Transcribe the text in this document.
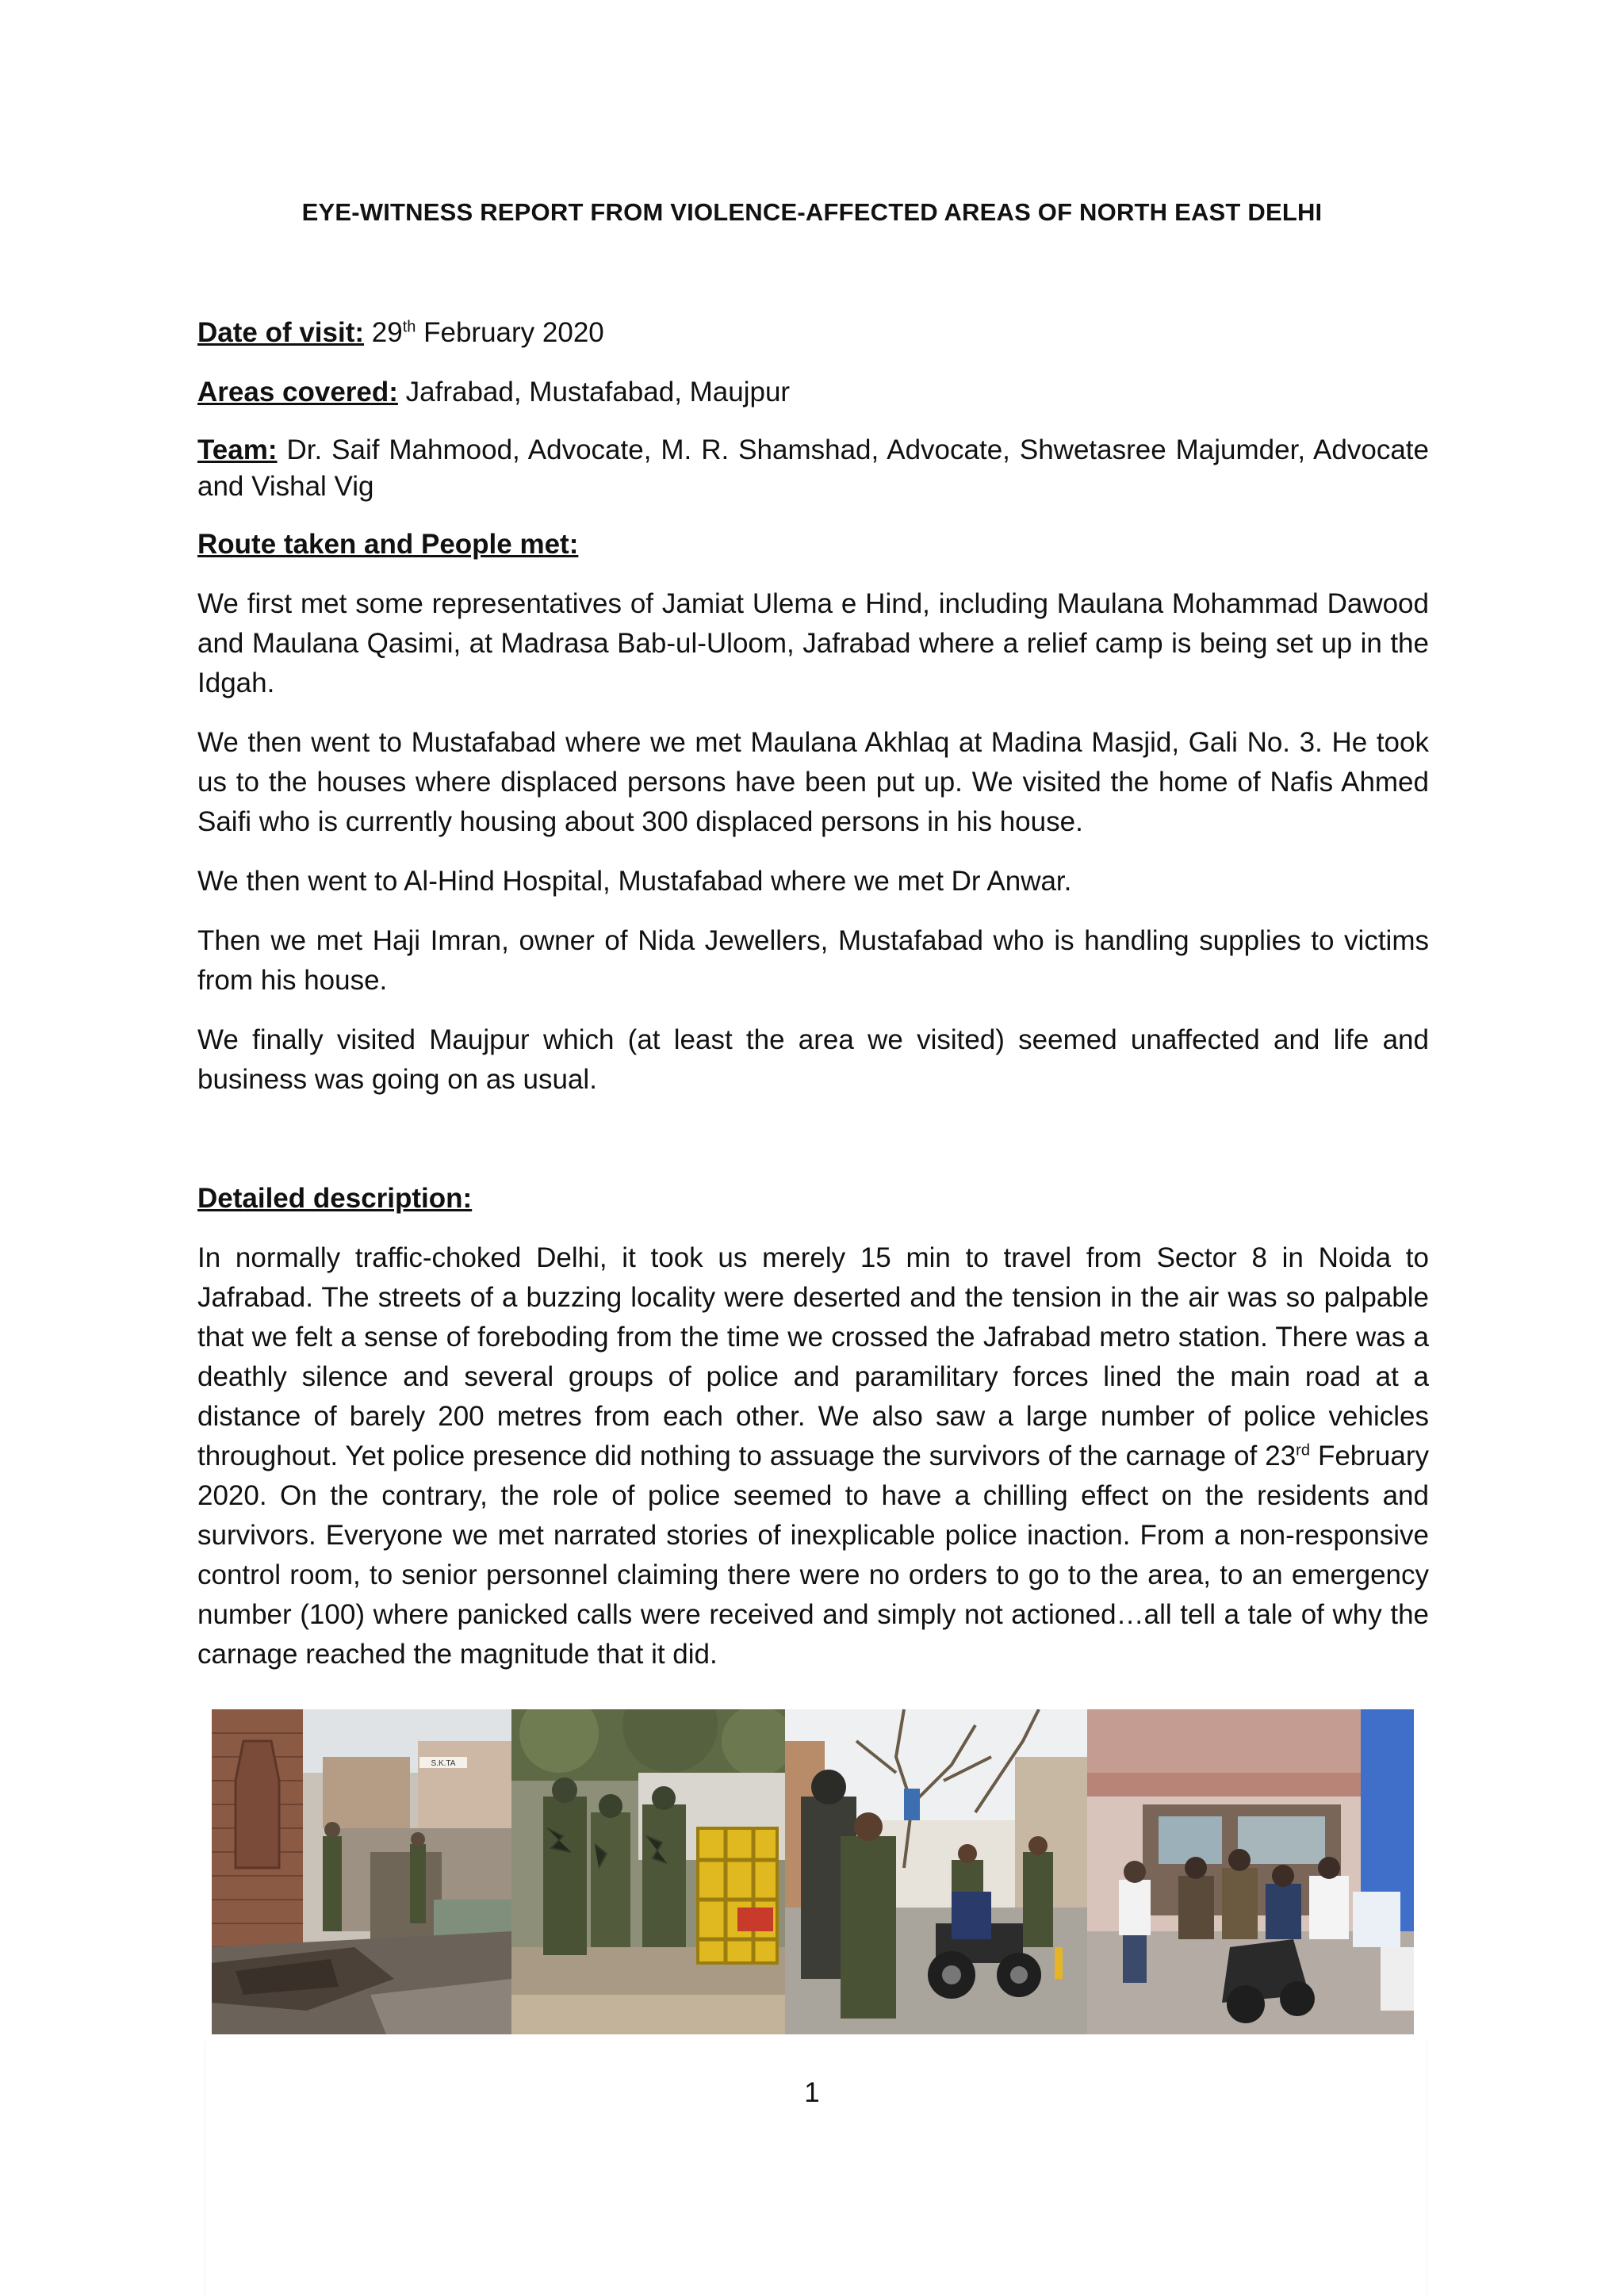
EYE-WITNESS REPORT FROM VIOLENCE-AFFECTED AREAS OF NORTH EAST DELHI

Date of visit: 29th February 2020

Areas covered: Jafrabad, Mustafabad, Maujpur

Team: Dr. Saif Mahmood, Advocate, M. R. Shamshad, Advocate, Shwetasree Majumder, Advocate and Vishal Vig

Route taken and People met:

We first met some representatives of Jamiat Ulema e Hind, including Maulana Mohammad Dawood and Maulana Qasimi, at Madrasa Bab-ul-Uloom, Jafrabad where a relief camp is being set up in the Idgah.

We then went to Mustafabad where we met Maulana Akhlaq at Madina Masjid, Gali No. 3. He took us to the houses where displaced persons have been put up. We visited the home of Nafis Ahmed Saifi who is currently housing about 300 displaced persons in his house.

We then went to Al-Hind Hospital, Mustafabad where we met Dr Anwar.

Then we met Haji Imran, owner of Nida Jewellers, Mustafabad who is handling supplies to victims from his house.

We finally visited Maujpur which (at least the area we visited) seemed unaffected and life and business was going on as usual.

Detailed description:

In normally traffic-choked Delhi, it took us merely 15 min to travel from Sector 8 in Noida to Jafrabad. The streets of a buzzing locality were deserted and the tension in the air was so palpable that we felt a sense of foreboding from the time we crossed the Jafrabad metro station. There was a deathly silence and several groups of police and paramilitary forces lined the main road at a distance of barely 200 metres from each other. We also saw a large number of police vehicles throughout. Yet police presence did nothing to assuage the survivors of the carnage of 23rd February 2020. On the contrary, the role of police seemed to have a chilling effect on the residents and survivors. Everyone we met narrated stories of inexplicable police inaction. From a non-responsive control room, to senior personnel claiming there were no orders to go to the area, to an emergency number (100) where panicked calls were received and simply not actioned…all tell a tale of why the carnage reached the magnitude that it did.

S.K.TA
1
